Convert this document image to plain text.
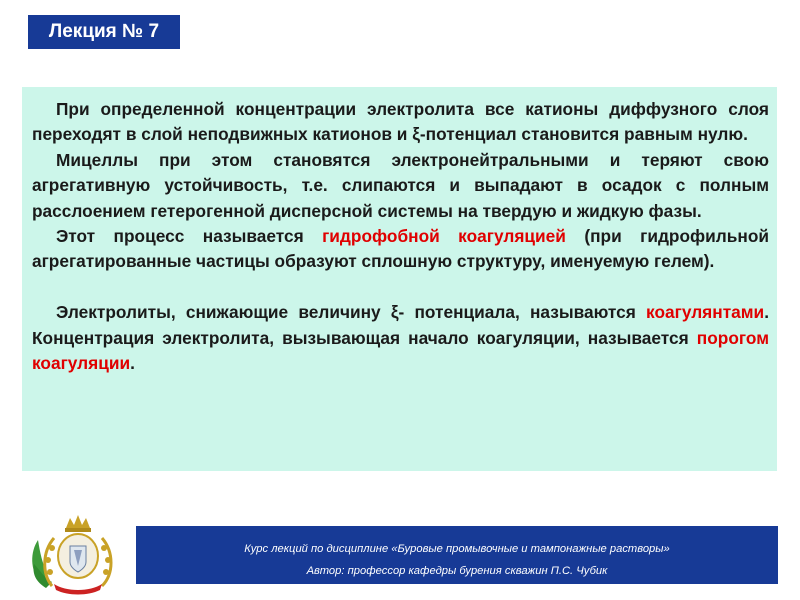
Лекция № 7

При определенной концентрации электролита все катионы диффузного слоя переходят в слой неподвижных катионов и ξ-потенциал становится равным нулю.

Мицеллы при этом становятся электронейтральными и теряют свою агрегативную устойчивость, т.е. слипаются и выпадают в осадок с полным расслоением гетерогенной дисперсной системы на твердую и жидкую фазы.

Этот процесс называется гидрофобной коагуляцией (при гидрофильной агрегатированные частицы образуют сплошную структуру, именуемую гелем).

Электролиты, снижающие величину ξ- потенциала, называются коагулянтами. Концентрация электролита, вызывающая начало коагуляции, называется порогом коагуляции.

Курс лекций по дисциплине «Буровые промывочные и тампонажные растворы»
Автор: профессор кафедры бурения скважин П.С. Чубик
